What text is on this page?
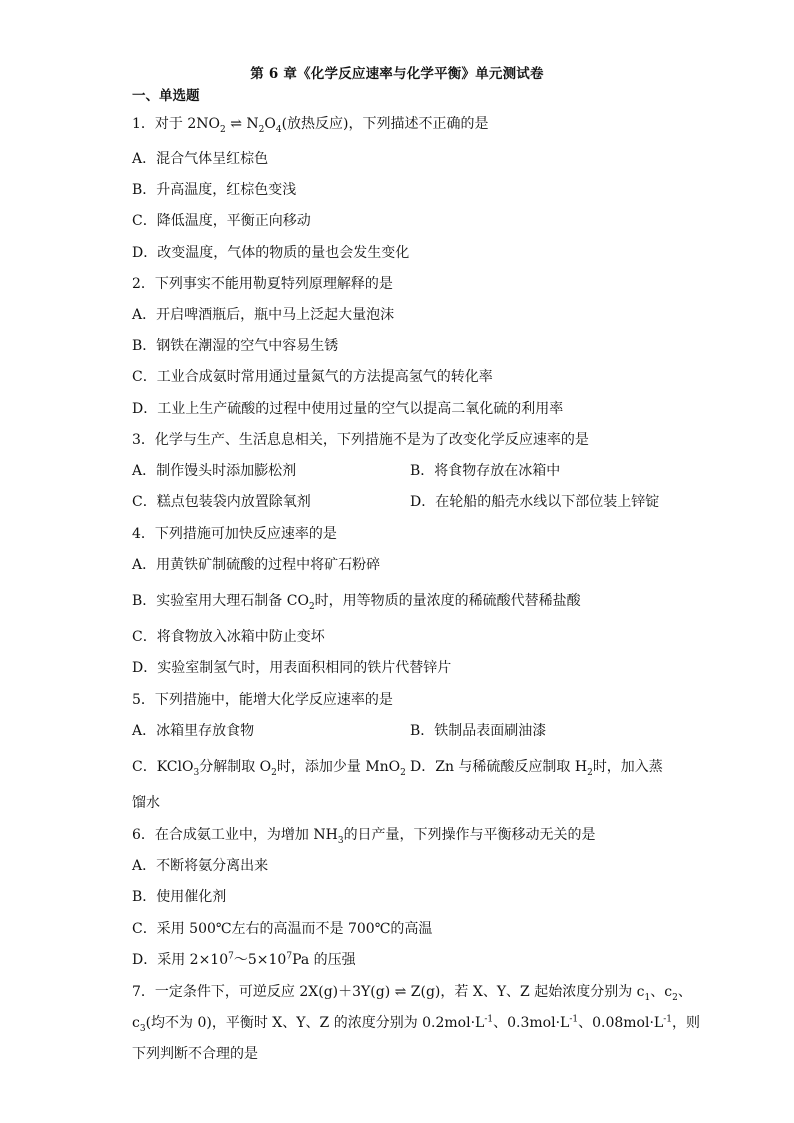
第 6 章《化学反应速率与化学平衡》单元测试卷
一、单选题
1．对于 $2NO_2$ ⇌ $N_2O_4$(放热反应)，下列描述不正确的是
A．混合气体呈红棕色
B．升高温度，红棕色变浅
C．降低温度，平衡正向移动
D．改变温度，气体的物质的量也会发生变化
2．下列事实不能用勒夏特列原理解释的是
A．开启啤酒瓶后，瓶中马上泛起大量泡沫
B．钢铁在潮湿的空气中容易生锈
C．工业合成氨时常用通过量氮气的方法提高氢气的转化率
D．工业上生产硫酸的过程中使用过量的空气以提高二氧化硫的利用率
3．化学与生产、生活息息相关，下列措施不是为了改变化学反应速率的是
A．制作馒头时添加膨松剂	B．将食物存放在冰箱中
C．糕点包装袋内放置除氧剂	D．在轮船的船壳水线以下部位装上锌锭
4．下列措施可加快反应速率的是
A．用黄铁矿制硫酸的过程中将矿石粉碎
B．实验室用大理石制备 $CO_2$时，用等物质的量浓度的稀硫酸代替稀盐酸
C．将食物放入冰箱中防止变坏
D．实验室制氢气时，用表面积相同的铁片代替锌片
5．下列措施中，能增大化学反应速率的是
A．冰箱里存放食物	B．铁制品表面刷油漆
C．KClO$_3$分解制取 $O_2$时，添加少量 MnO$_2$ D．Zn 与稀硫酸反应制取 $H_2$时，加入蒸
馏水
6．在合成氨工业中，为增加 $NH_3$的日产量，下列操作与平衡移动无关的是
A．不断将氨分离出来
B．使用催化剂
C．采用 500℃左右的高温而不是 700℃的高温
D．采用 $2\times 10^7\sim 5\times 10^7Pa$ 的压强
7．一定条件下，可逆反应 2X(g)＋3Y(g) ⇌ Z(g)，若 X、Y、Z 起始浓度分别为 $c_1$、$c_2$、
$c_3$(均不为 0)，平衡时 X、Y、Z 的浓度分别为 $0.2mol\cdot L^{-1}$、$0.3mol\cdot L^{-1}$、$0.08mol\cdot L^{-1}$，则
下列判断不合理的是
